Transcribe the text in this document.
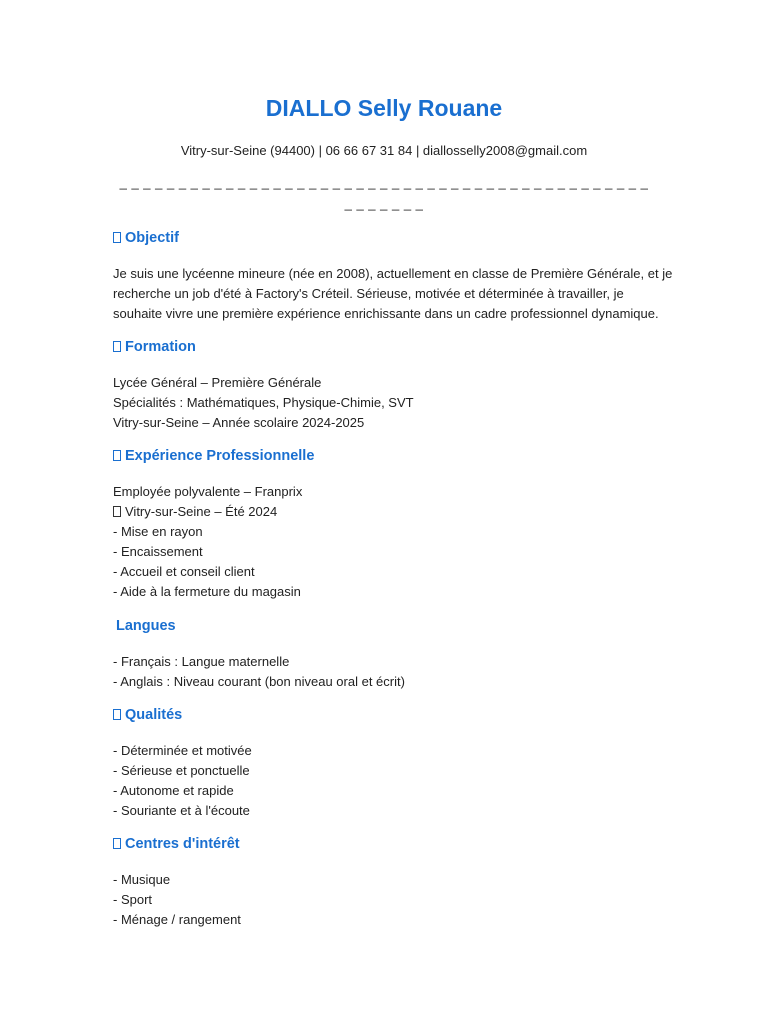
DIALLO Selly Rouane
Vitry-sur-Seine (94400) | 06 66 67 31 84 | diallosselly2008@gmail.com
_ _ _ _ _ _ _ _ _ _ _ _ _ _ _ _ _ _ _ _ _ _ _ _ _ _ _ _ _ _ _ _ _ _ _ _ _ _ _ _ _ _ _ _ _
_ _ _ _ _ _ _
Objectif
Je suis une lycéenne mineure (née en 2008), actuellement en classe de Première Générale, et je recherche un job d'été à Factory's Créteil. Sérieuse, motivée et déterminée à travailler, je souhaite vivre une première expérience enrichissante dans un cadre professionnel dynamique.
Formation
Lycée Général – Première Générale
Spécialités : Mathématiques, Physique-Chimie, SVT
Vitry-sur-Seine – Année scolaire 2024-2025
Expérience Professionnelle
Employée polyvalente – Franprix
Vitry-sur-Seine – Été 2024
- Mise en rayon
- Encaissement
- Accueil et conseil client
- Aide à la fermeture du magasin
Langues
- Français : Langue maternelle
- Anglais : Niveau courant (bon niveau oral et écrit)
Qualités
- Déterminée et motivée
- Sérieuse et ponctuelle
- Autonome et rapide
- Souriante et à l'écoute
Centres d'intérêt
- Musique
- Sport
- Ménage / rangement
